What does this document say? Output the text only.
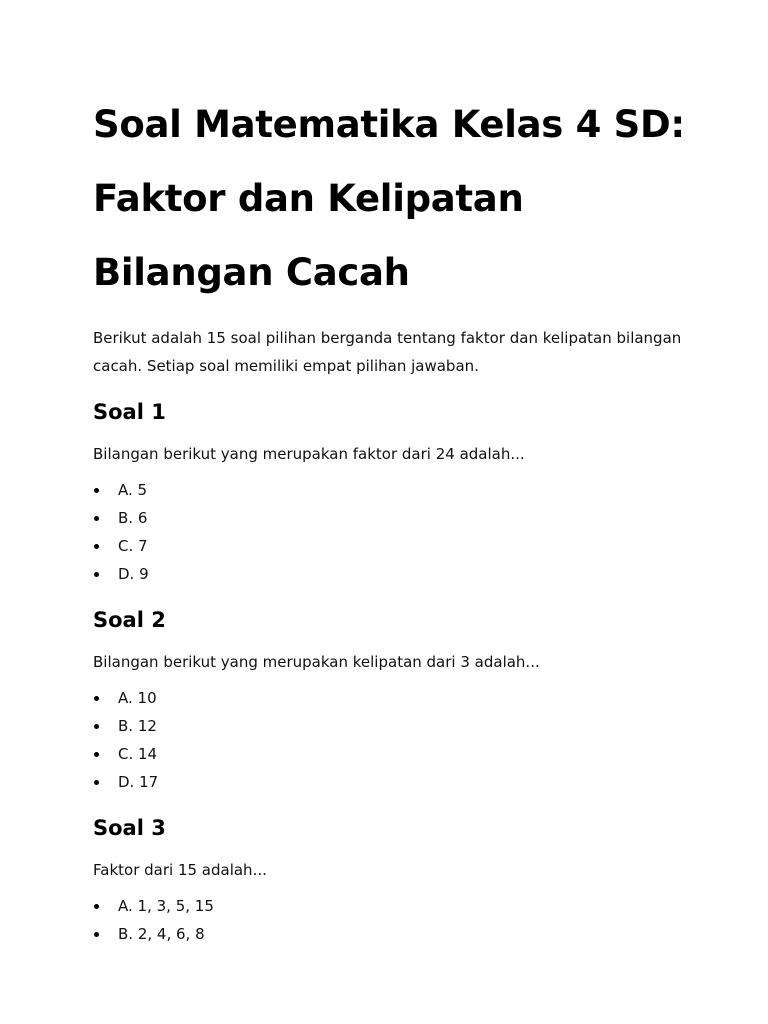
Soal Matematika Kelas 4 SD:
Faktor dan Kelipatan
Bilangan Cacah

Berikut adalah 15 soal pilihan berganda tentang faktor dan kelipatan bilangan cacah. Setiap soal memiliki empat pilihan jawaban.

Soal 1

Bilangan berikut yang merupakan faktor dari 24 adalah...

A. 5
B. 6
C. 7
D. 9
Soal 2

Bilangan berikut yang merupakan kelipatan dari 3 adalah...

A. 10
B. 12
C. 14
D. 17
Soal 3

Faktor dari 15 adalah...

A. 1, 3, 5, 15
B. 2, 4, 6, 8
